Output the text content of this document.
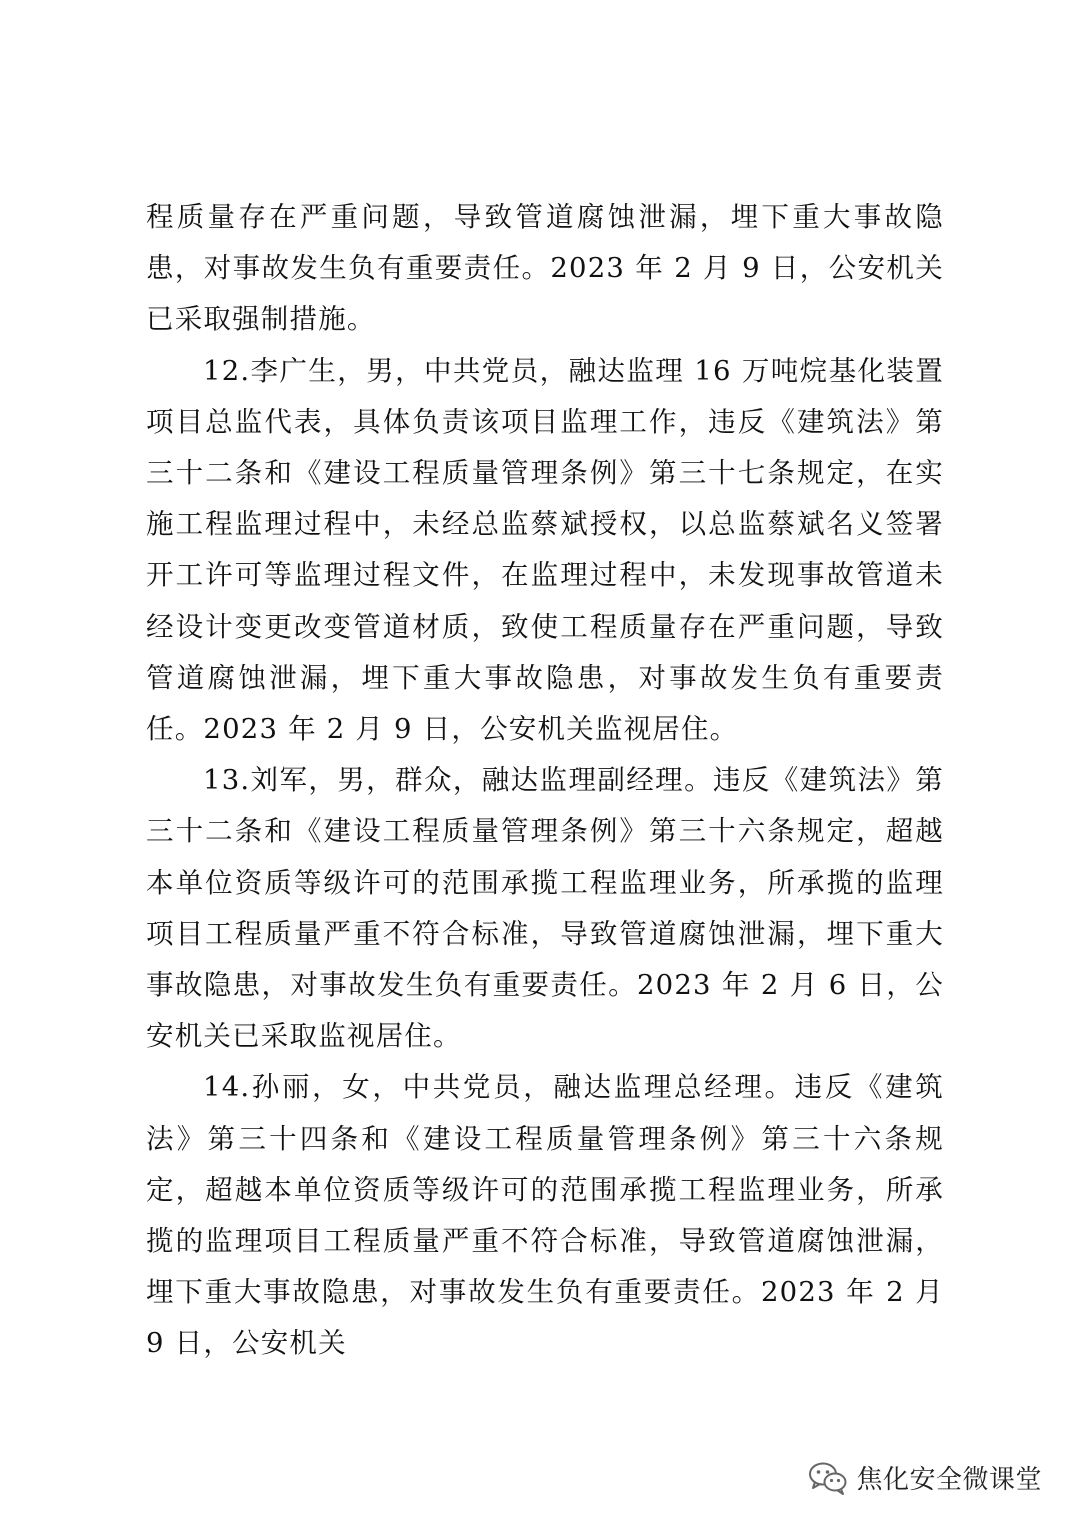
程质量存在严重问题，导致管道腐蚀泄漏，埋下重大事故隐患，对事故发生负有重要责任。2023 年 2 月 9 日，公安机关已采取强制措施。

12.李广生，男，中共党员，融达监理 16 万吨烷基化装置项目总监代表，具体负责该项目监理工作，违反《建筑法》第三十二条和《建设工程质量管理条例》第三十七条规定，在实施工程监理过程中，未经总监蔡斌授权，以总监蔡斌名义签署开工许可等监理过程文件，在监理过程中，未发现事故管道未经设计变更改变管道材质，致使工程质量存在严重问题，导致管道腐蚀泄漏，埋下重大事故隐患，对事故发生负有重要责任。2023 年 2 月 9 日，公安机关监视居住。

13.刘军，男，群众，融达监理副经理。违反《建筑法》第三十二条和《建设工程质量管理条例》第三十六条规定，超越本单位资质等级许可的范围承揽工程监理业务，所承揽的监理项目工程质量严重不符合标准，导致管道腐蚀泄漏，埋下重大事故隐患，对事故发生负有重要责任。2023 年 2 月 6 日，公安机关已采取监视居住。

14.孙丽，女，中共党员，融达监理总经理。违反《建筑法》第三十四条和《建设工程质量管理条例》第三十六条规定，超越本单位资质等级许可的范围承揽工程监理业务，所承揽的监理项目工程质量严重不符合标准，导致管道腐蚀泄漏，埋下重大事故隐患，对事故发生负有重要责任。2023 年 2 月 9 日，公安机关

焦化安全微课堂
